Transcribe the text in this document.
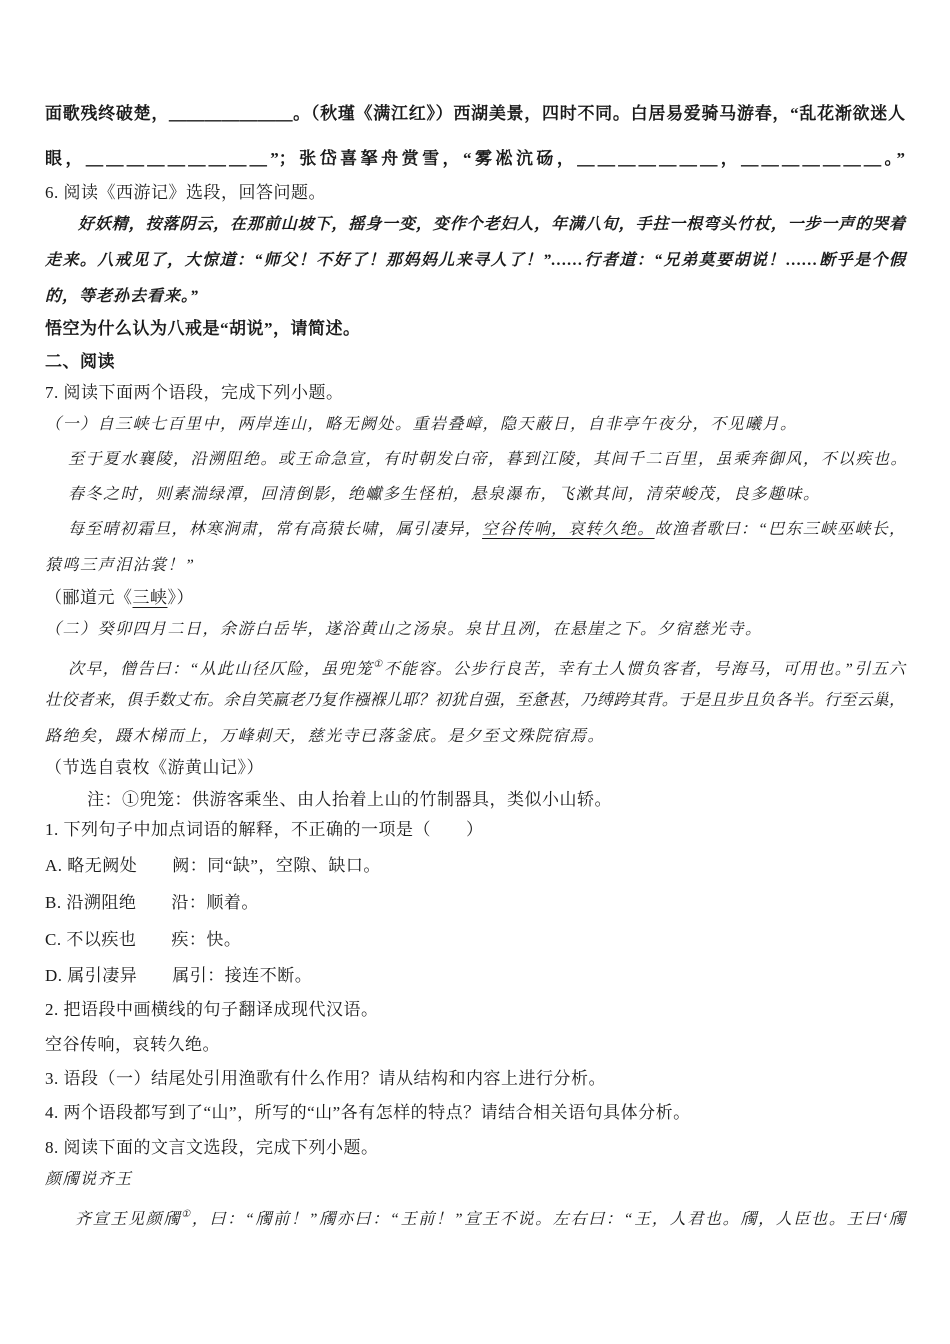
面歌残终破楚，＿＿＿＿＿＿＿。（秋瑾《满江红》）西湖美景，四时不同。白居易爱骑马游春，“乱花渐欲迷人
眼，＿＿＿＿＿＿＿＿＿”；张岱喜拏舟赏雪，“雾凇沆砀，＿＿＿＿＿＿＿，＿＿＿＿＿＿＿。”
6. 阅读《西游记》选段，回答问题。
好妖精，按落阴云，在那前山坡下，摇身一变，变作个老妇人，年满八旬，手拄一根弯头竹杖，一步一声的哭着
走来。八戒见了，大惊道：“师父！不好了！那妈妈儿来寻人了！”……行者道：“兄弟莫要胡说！……断乎是个假
的，等老孙去看来。”
悟空为什么认为八戒是“胡说”，请简述。
二、阅读
7. 阅读下面两个语段，完成下列小题。
（一）自三峡七百里中，两岸连山，略无阙处。重岩叠嶂，隐天蔽日，自非亭午夜分，不见曦月。
至于夏水襄陵，沿溯阻绝。或王命急宣，有时朝发白帝，暮到江陵，其间千二百里，虽乘奔御风，不以疾也。
春冬之时，则素湍绿潭，回清倒影，绝巘多生怪柏，悬泉瀑布，飞漱其间，清荣峻茂，良多趣味。
每至晴初霜旦，林寒涧肃，常有高猿长啸，属引凄异，空谷传响，哀转久绝。故渔者歌曰：“巴东三峡巫峡长，
猿鸣三声泪沾裳！”
（郦道元《三峡》）
（二）癸卯四月二日，余游白岳毕，遂浴黄山之汤泉。泉甘且冽，在悬崖之下。夕宿慈光寺。
次早，僧告曰：“从此山径仄险，虽兜笼①不能容。公步行良苦，幸有土人惯负客者，号海马，可用也。”引五六
壮佼者来，俱手数丈布。余自笑羸老乃复作襁褓儿耶？初犹自强，至惫甚，乃缚跨其背。于是且步且负各半。行至云巢，
路绝矣，蹑木梯而上，万峰刺天，慈光寺已落釜底。是夕至文殊院宿焉。
（节选自袁枚《游黄山记》）
注：①兜笼：供游客乘坐、由人抬着上山的竹制器具，类似小山轿。
1. 下列句子中加点词语的解释，不正确的一项是（　　）
A. 略无阙处　　阙：同“缺”，空隙、缺口。
B. 沿溯阻绝　　沿：顺着。
C. 不以疾也　　疾：快。
D. 属引凄异　　属引：接连不断。
2. 把语段中画横线的句子翻译成现代汉语。
空谷传响，哀转久绝。
3. 语段（一）结尾处引用渔歌有什么作用？请从结构和内容上进行分析。
4. 两个语段都写到了“山”，所写的“山”各有怎样的特点？请结合相关语句具体分析。
8. 阅读下面的文言文选段，完成下列小题。
颜斶说齐王
齐宣王见颜斶①，曰：“斶前！”斶亦曰：“王前！”宣王不说。左右曰：“王，人君也。斶，人臣也。王曰‘斶
